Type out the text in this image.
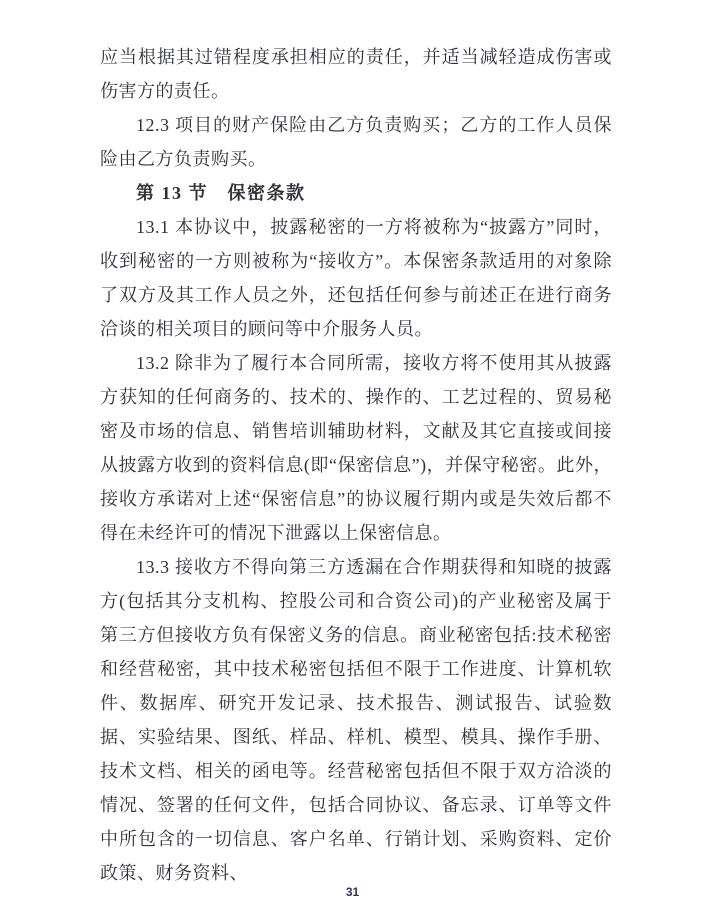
应当根据其过错程度承担相应的责任，并适当减轻造成伤害或伤害方的责任。

12.3 项目的财产保险由乙方负责购买；乙方的工作人员保险由乙方负责购买。

第 13 节　保密条款

13.1 本协议中，披露秘密的一方将被称为“披露方”同时，收到秘密的一方则被称为“接收方”。本保密条款适用的对象除了双方及其工作人员之外，还包括任何参与前述正在进行商务洽谈的相关项目的顾问等中介服务人员。

13.2 除非为了履行本合同所需，接收方将不使用其从披露方获知的任何商务的、技术的、操作的、工艺过程的、贸易秘密及市场的信息、销售培训辅助材料，文献及其它直接或间接从披露方收到的资料信息(即“保密信息”)，并保守秘密。此外，接收方承诺对上述“保密信息”的协议履行期内或是失效后都不得在未经许可的情况下泄露以上保密信息。

13.3 接收方不得向第三方透漏在合作期获得和知晓的披露方(包括其分支机构、控股公司和合资公司)的产业秘密及属于第三方但接收方负有保密义务的信息。商业秘密包括:技术秘密和经营秘密，其中技术秘密包括但不限于工作进度、计算机软件、数据库、研究开发记录、技术报告、测试报告、试验数据、实验结果、图纸、样品、样机、模型、模具、操作手册、技术文档、相关的函电等。经营秘密包括但不限于双方洽淡的情况、签署的任何文件，包括合同协议、备忘录、订单等文件中所包含的一切信息、客户名单、行销计划、采购资料、定价政策、财务资料、

31
